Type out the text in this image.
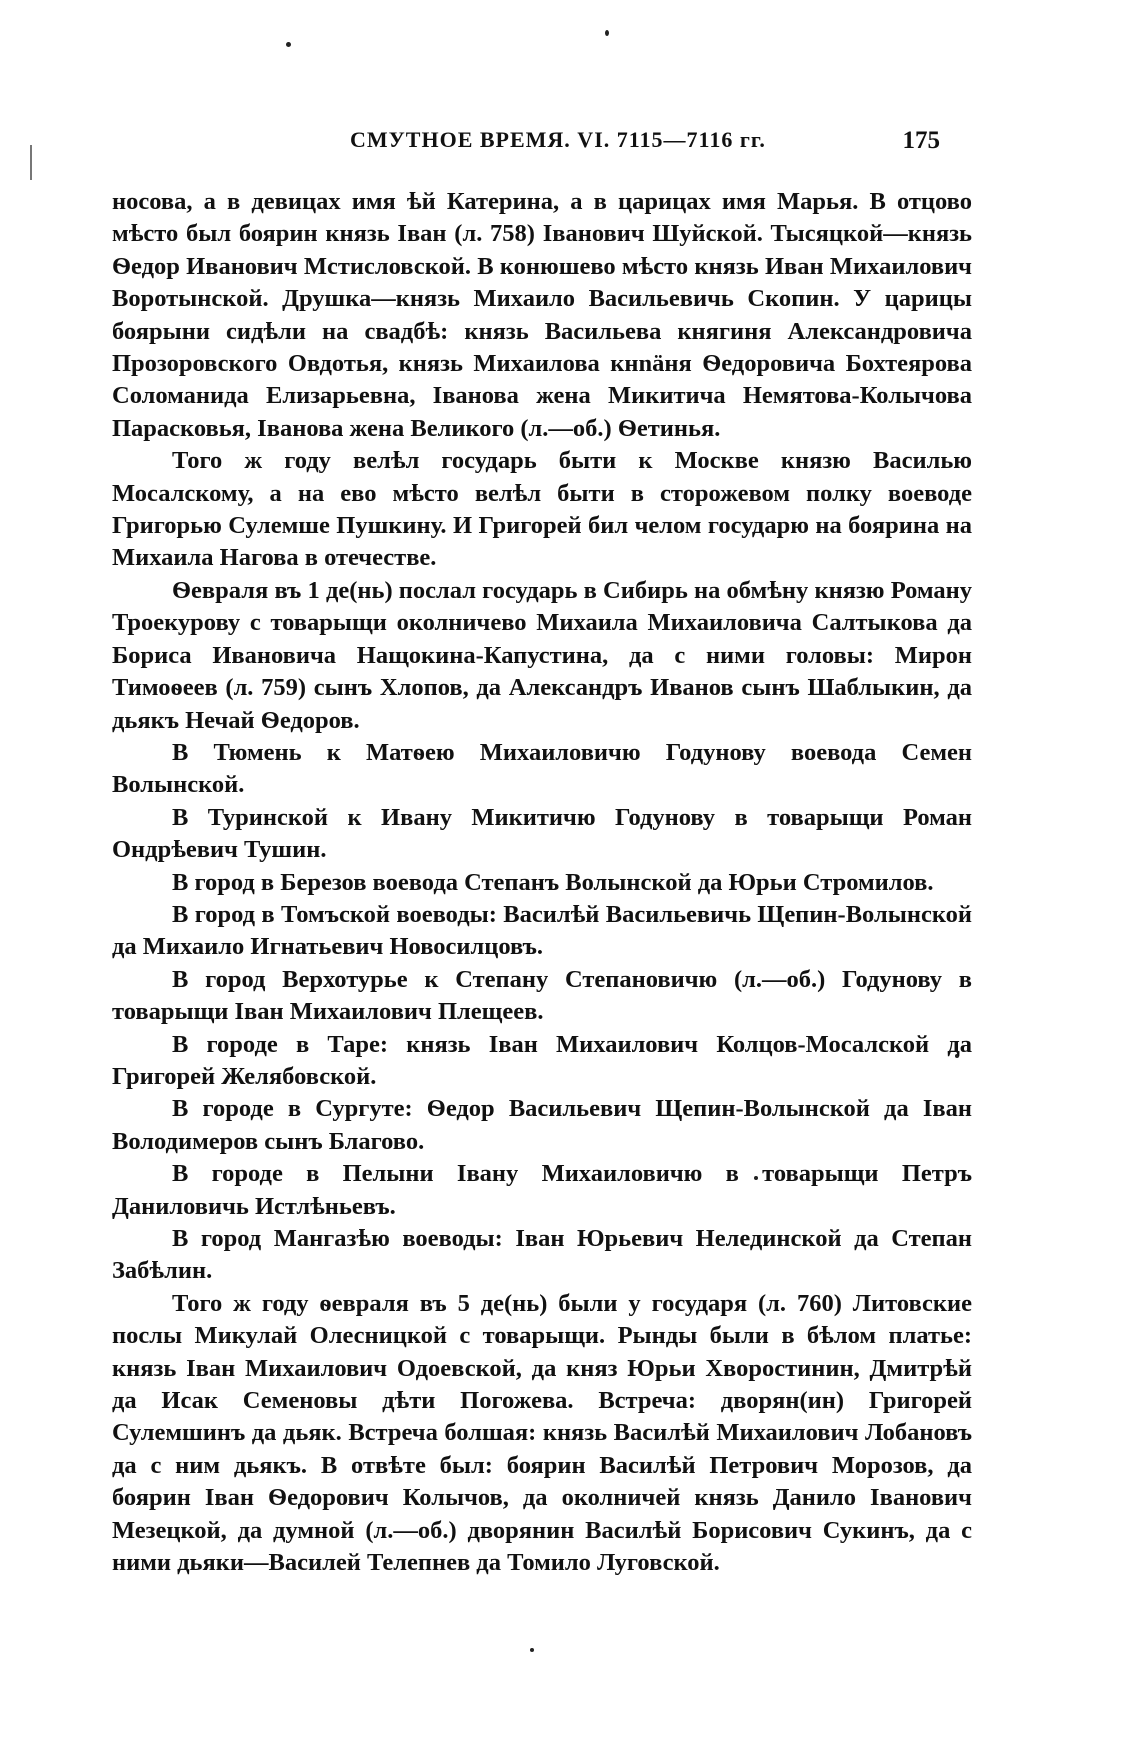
СМУТНОЕ ВРЕМЯ. VI. 7115—7116 гг.	175

носова, а в девицах имя ѣй Катерина, а в царицах имя Марья. В отцово мѣсто был боярин князь Іван (л. 758) Іванович Шуйской. Тысяцкой—князь Ѳедор Иванович Мстисловской. В конюшево мѣсто князь Иван Михаилович Воротынской. Друшка—князь Михаило Васильевичь Скопин. У царицы боярыни сидѣли на свадбѣ: князь Васильева княгиня Александровича Прозоровского Овдотья, князь Михаилова кнnäня Ѳедоровича Бохтеярова Соломанида Елизарьевна, Іванова жена Микитича Немятова-Колычова Парасковья, Іванова жена Великого (л.—об.) Ѳетинья.

Того ж году велѣл государь быти к Москве князю Василью Мосалскому, а на ево мѣсто велѣл быти в сторожевом полку воеводе Григорью Сулемше Пушкину. И Григорей бил челом государю на боярина на Михаила Нагова в отечестве.

Ѳевраля въ 1 де(нь) послал государь в Сибирь на обмѣну князю Роману Троекурову с товарыщи околничево Михаила Михаиловича Салтыкова да Бориса Ивановича Нащокина-Капустина, да с ними головы: Мирон Тимоѳеев (л. 759) сынъ Хлопов, да Александръ Иванов сынъ Шаблыкин, да дьякъ Нечай Ѳедоров.

В Тюмень к Матѳею Михаиловичю Годунову воевода Семен Волынской.

В Туринской к Ивану Микитичю Годунову в товарыщи Роман Ондрѣевич Тушин.

В город в Березов воевода Степанъ Волынской да Юрьи Стромилов.

В город в Томъской воеводы: Василѣй Васильевичь Щепин-Волынской да Михаило Игнатьевич Новосилцовъ.

В город Верхотурье к Степану Степановичю (л.—об.) Годунову в товарыщи Іван Михаилович Плещеев.

В городе в Таре: князь Іван Михаилович Колцов-Мосалской да Григорей Желябовской.

В городе в Сургуте: Ѳедор Васильевич Щепин-Волынской да Іван Володимеров сынъ Благово.

В городе в Пелыни Івану Михаиловичю в товарыщи Петръ Даниловичь Истлѣньевъ.

В город Мангазѣю воеводы: Іван Юрьевич Нелединской да Степан Забѣлин.

Того ж году ѳевраля въ 5 де(нь) были у государя (л. 760) Литовские послы Микулай Олесницкой с товарыщи. Рынды были в бѣлом платье: князь Іван Михаилович Одоевской, да княз Юрьи Хворостинин, Дмитрѣй да Исак Семеновы дѣти Погожева. Встреча: дворян(ин) Григорей Сулемшинъ да дьяк. Встреча болшая: князь Василѣй Михаилович Лобановъ да с ним дьякъ. В отвѣте был: боярин Василѣй Петрович Морозов, да боярин Іван Ѳедорович Колычов, да околничей князь Данило Іванович Мезецкой, да думной (л.—об.) дворянин Василѣй Борисович Сукинъ, да с ними дьяки—Василей Телепнев да Томило Луговской.
